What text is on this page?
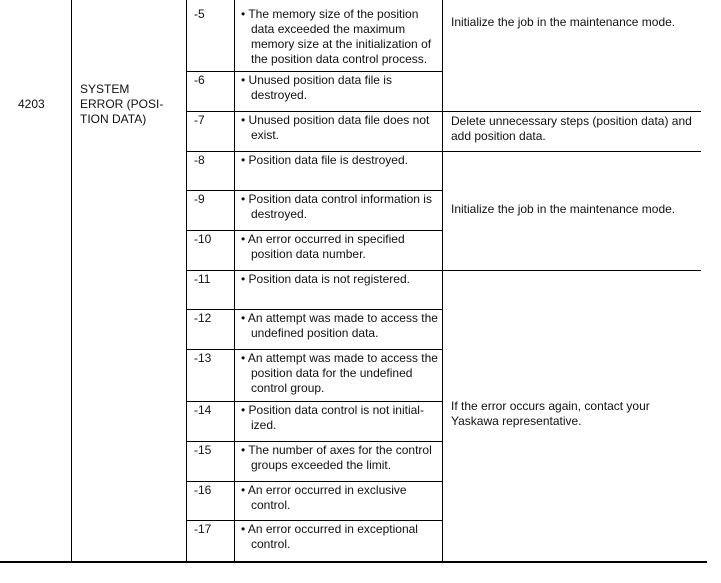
4203
SYSTEM
ERROR (POSI-
TION DATA)
-5
-6
-7
-8
-9
-10
-11
-12
-13
-14
-15
-16
-17
• The memory size of the position data exceeded the maximum memory size at the initialization of the position data control process.
• Unused position data file is destroyed.
• Unused position data file does not exist.
• Position data file is destroyed.
• Position data control information is destroyed.
• An error occurred in specified position data number.
• Position data is not registered.
• An attempt was made to access the undefined position data.
• An attempt was made to access the position data for the undefined control group.
• Position data control is not initial- ized.
• The number of axes for the control groups exceeded the limit.
• An error occurred in exclusive control.
• An error occurred in exceptional control.
Initialize the job in the maintenance mode.
Delete unnecessary steps (position data) and add position data.
Initialize the job in the maintenance mode.
If the error occurs again, contact your Yaskawa representative.
